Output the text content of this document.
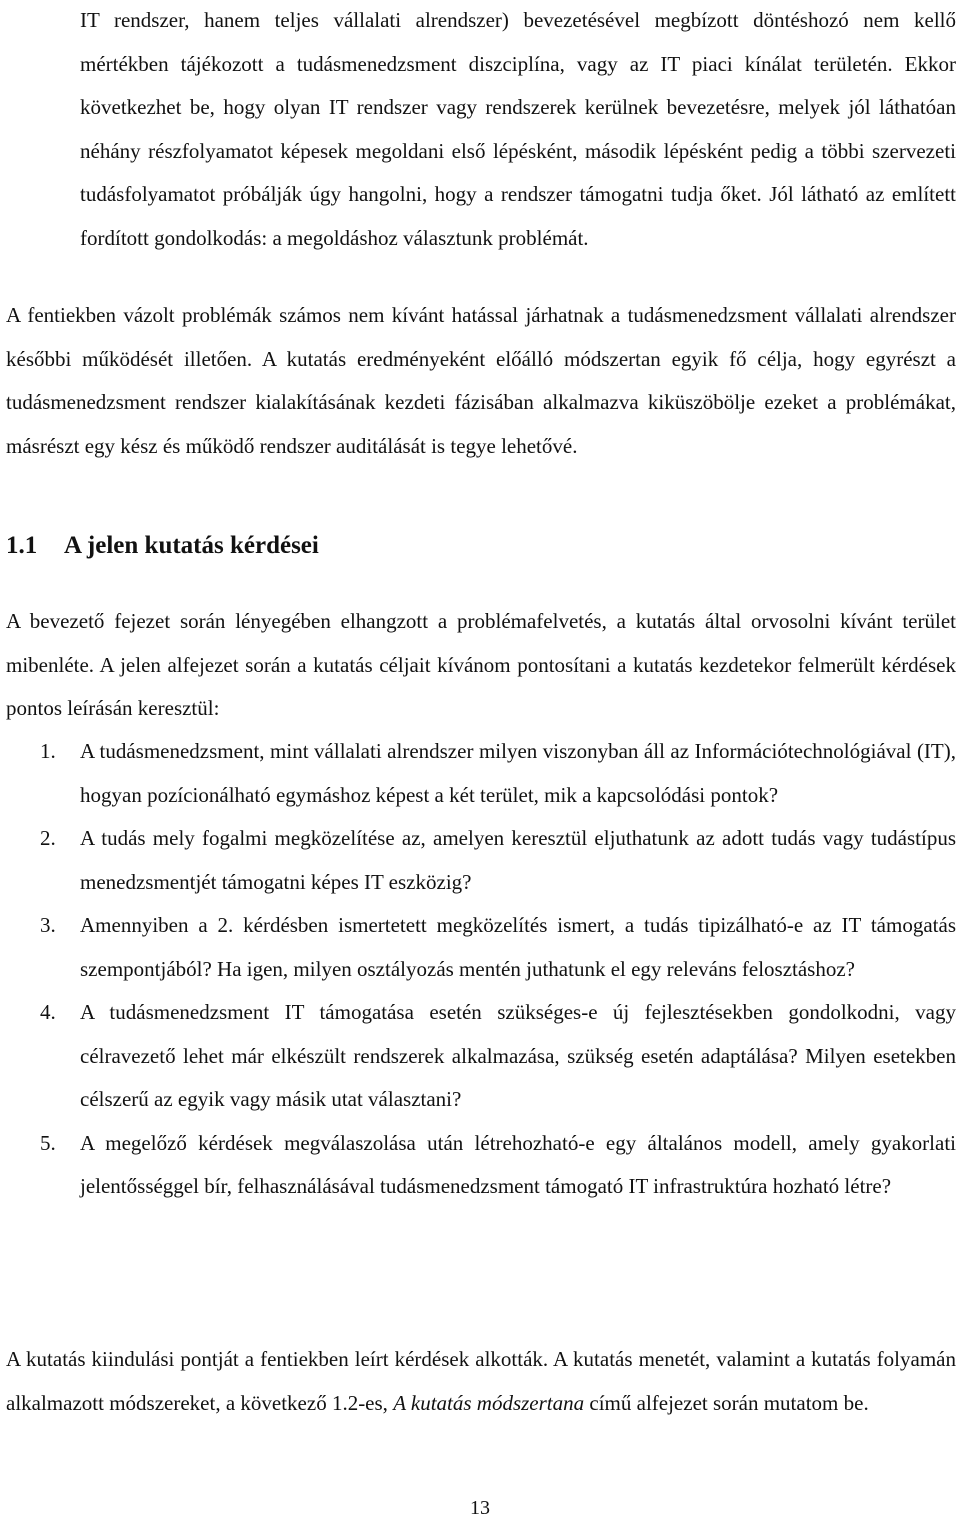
IT rendszer, hanem teljes vállalati alrendszer) bevezetésével megbízott döntéshozó nem kellő mértékben tájékozott a tudásmenedzsment diszciplína, vagy az IT piaci kínálat területén. Ekkor következhet be, hogy olyan IT rendszer vagy rendszerek kerülnek bevezetésre, melyek jól láthatóan néhány részfolyamatot képesek megoldani első lépésként, második lépésként pedig a többi szervezeti tudásfolyamatot próbálják úgy hangolni, hogy a rendszer támogatni tudja őket. Jól látható az említett fordított gondolkodás: a megoldáshoz választunk problémát.

A fentiekben vázolt problémák számos nem kívánt hatással járhatnak a tudásmenedzsment vállalati alrendszer későbbi működését illetően. A kutatás eredményeként előálló módszertan egyik fő célja, hogy egyrészt a tudásmenedzsment rendszer kialakításának kezdeti fázisában alkalmazva kiküszöbölje ezeket a problémákat, másrészt egy kész és működő rendszer auditálását is tegye lehetővé.

1.1 A jelen kutatás kérdései

A bevezető fejezet során lényegében elhangzott a problémafelvetés, a kutatás által orvosolni kívánt terület mibenléte. A jelen alfejezet során a kutatás céljait kívánom pontosítani a kutatás kezdetekor felmerült kérdések pontos leírásán keresztül:

1. A tudásmenedzsment, mint vállalati alrendszer milyen viszonyban áll az Információtechnológiával (IT), hogyan pozícionálható egymáshoz képest a két terület, mik a kapcsolódási pontok?
2. A tudás mely fogalmi megközelítése az, amelyen keresztül eljuthatunk az adott tudás vagy tudástípus menedzsmentjét támogatni képes IT eszközig?
3. Amennyiben a 2. kérdésben ismertetett megközelítés ismert, a tudás tipizálható-e az IT támogatás szempontjából? Ha igen, milyen osztályozás mentén juthatunk el egy releváns felosztáshoz?
4. A tudásmenedzsment IT támogatása esetén szükséges-e új fejlesztésekben gondolkodni, vagy célravezető lehet már elkészült rendszerek alkalmazása, szükség esetén adaptálása? Milyen esetekben célszerű az egyik vagy másik utat választani?
5. A megelőző kérdések megválaszolása után létrehozható-e egy általános modell, amely gyakorlati jelentősséggel bír, felhasználásával tudásmenedzsment támogató IT infrastruktúra hozható létre?

A kutatás kiindulási pontját a fentiekben leírt kérdések alkották. A kutatás menetét, valamint a kutatás folyamán alkalmazott módszereket, a következő 1.2-es, A kutatás módszertana című alfejezet során mutatom be.

13
